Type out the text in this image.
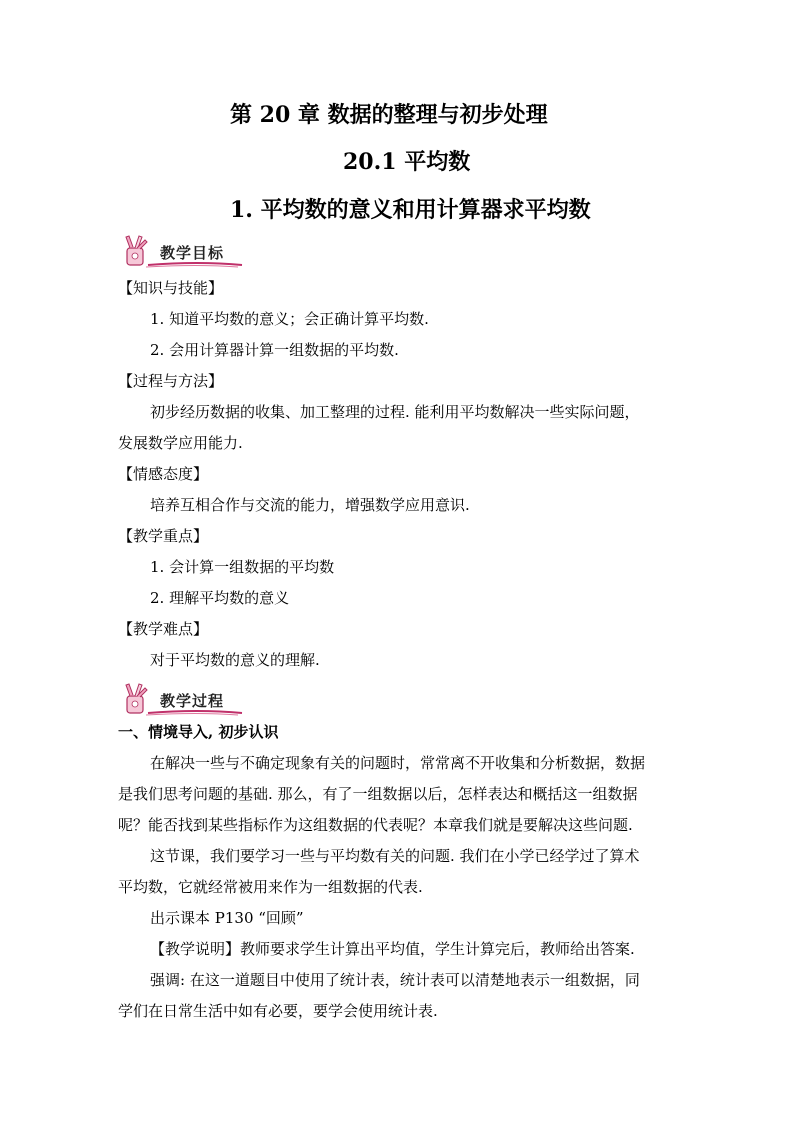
第 20 章 数据的整理与初步处理
20.1 平均数
1. 平均数的意义和用计算器求平均数
教学目标
【知识与技能】
1. 知道平均数的意义；会正确计算平均数.
2. 会用计算器计算一组数据的平均数.
【过程与方法】
初步经历数据的收集、加工整理的过程. 能利用平均数解决一些实际问题，
发展数学应用能力.
【情感态度】
培养互相合作与交流的能力，增强数学应用意识.
【教学重点】
1. 会计算一组数据的平均数
2. 理解平均数的意义
【教学难点】
对于平均数的意义的理解.
教学过程
一、情境导入, 初步认识
在解决一些与不确定现象有关的问题时，常常离不开收集和分析数据，数据
是我们思考问题的基础. 那么，有了一组数据以后，怎样表达和概括这一组数据
呢？能否找到某些指标作为这组数据的代表呢？本章我们就是要解决这些问题.
这节课，我们要学习一些与平均数有关的问题. 我们在小学已经学过了算术
平均数，它就经常被用来作为一组数据的代表.
出示课本 P130 “回顾”
【教学说明】教师要求学生计算出平均值，学生计算完后，教师给出答案.
强调: 在这一道题目中使用了统计表，统计表可以清楚地表示一组数据，同
学们在日常生活中如有必要，要学会使用统计表.
